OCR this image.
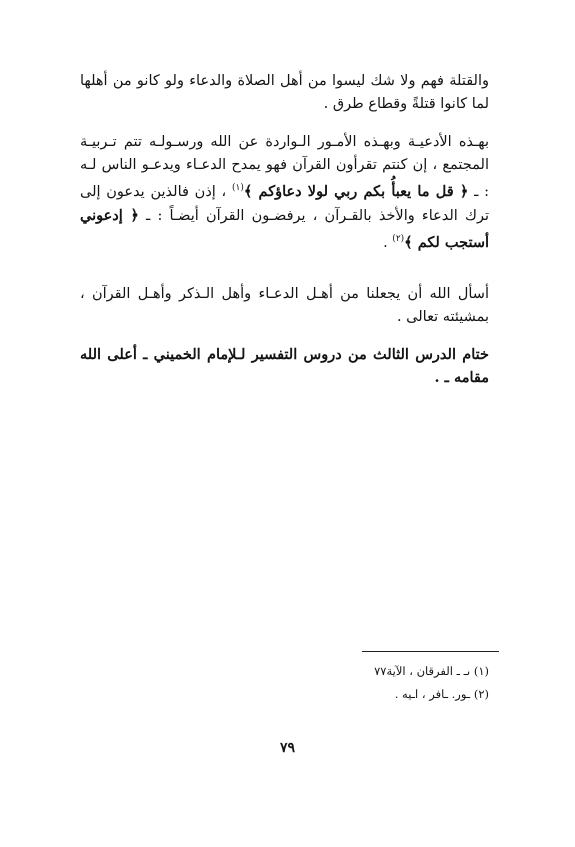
والقتلة فهم ولا شك ليسوا من أهل الصلاة والدعاء ولو كانو من أهلها لما كانوا قتلةً وقطاع طرق .

بهـذه الأدعيـة وبهـذه الأمـور الـواردة عن الله ورسـولـه تتم تـربيـة المجتمع ، إن كنتم تقرأون القرآن فهو يمدح الدعـاء ويدعـو الناس لـه : ـ ﴿ قل ما يعبأُ بكم ربي لولا دعاؤكم ﴾$^{(١)}$ ، إذن فالذين يدعون إلى ترك الدعاء والأخذ بالقـرآن ، يرفضـون القرآن أيضـاً : ـ ﴿ إدعوني أستجب لكم ﴾$^{(٢)}$ .

أسأل الله أن يجعلنا من أهـل الدعـاء وأهل الـذكر وأهـل القرآن ، بمشيئته تعالى .

ختام الدرس الثالث من دروس التفسير لـلإمام الخميني ـ أعلى الله مقامه ـ .

(١) ىـ ـ الفرقان ، الآية٧٧
(٢) ـور. ـافر ، اـيه .
٧٩
